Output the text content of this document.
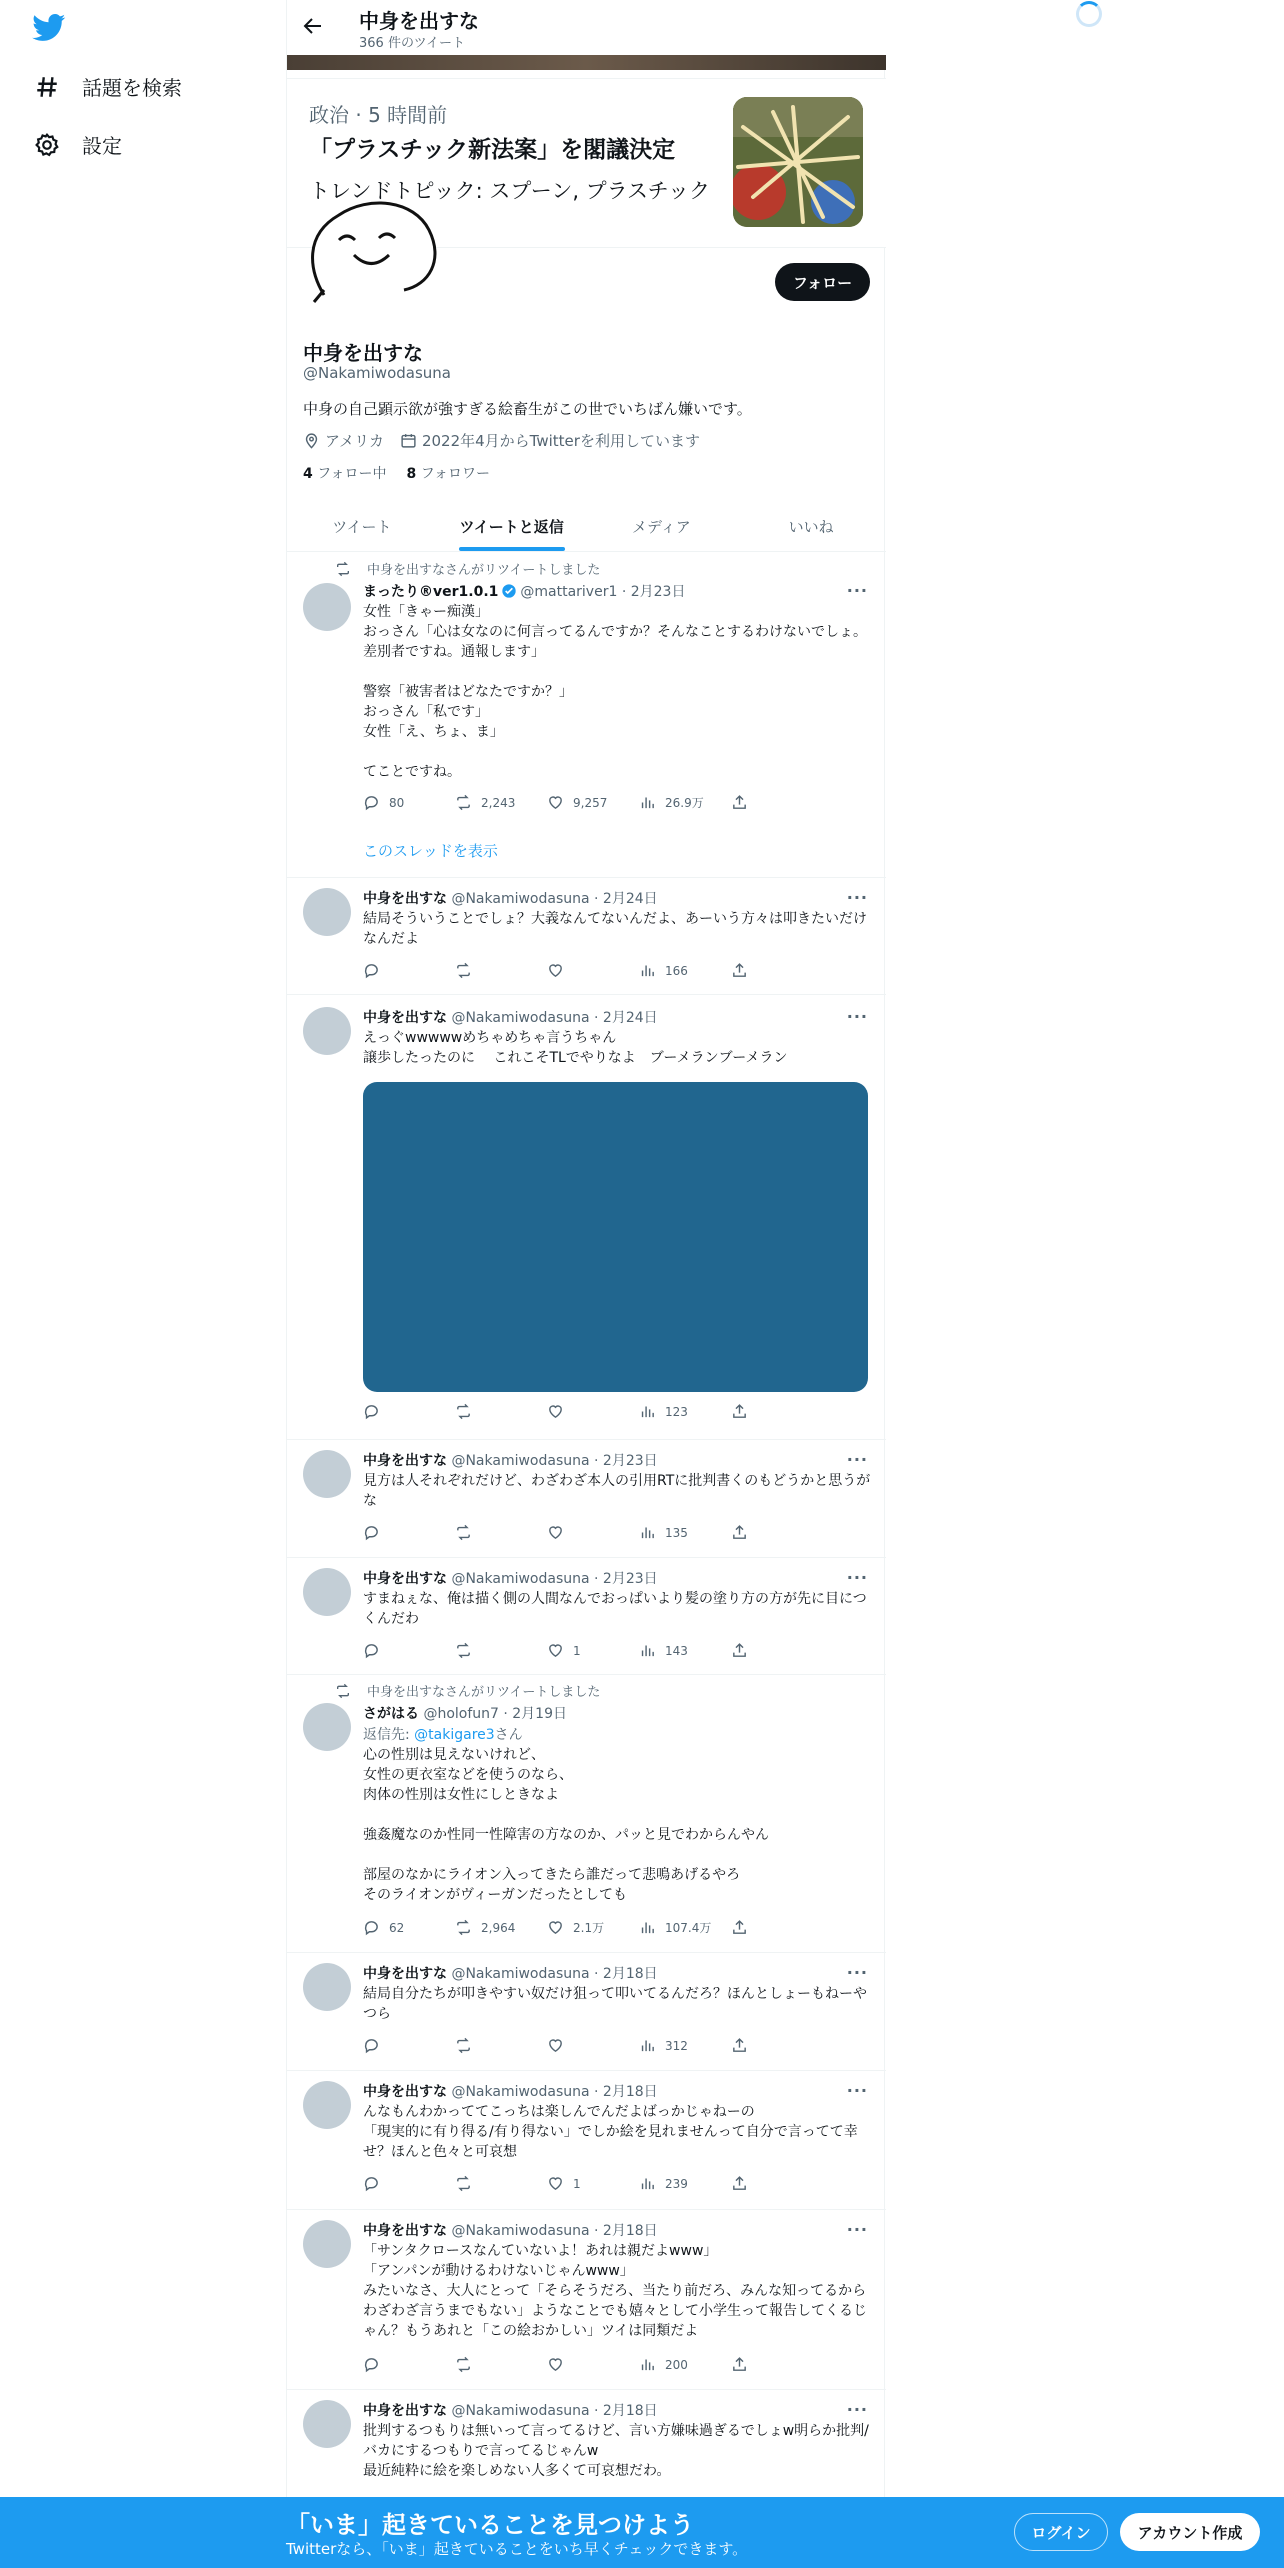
話題を検索
設定
中身を出すな
366 件のツイート
政治 · 5 時間前
「プラスチック新法案」を閣議決定
トレンドトピック: スプーン, プラスチック
フォロー
中身を出すな
@Nakamiwodasuna
中身の自己顕示欲が強すぎる絵畜生がこの世でいちばん嫌いです。
アメリカ	2022年4月からTwitterを利用しています
4 フォロー中 8 フォロワー
ツイート	ツイートと返信	メディア	いいね
中身を出すなさんがリツイートしました
まったり®ver1.0.1 @mattariver1 · 2月23日	···
女性「きゃー痴漢」
おっさん「心は女なのに何言ってるんですか？そんなことするわけないでしょ。差別者ですね。通報します」

警察「被害者はどなたですか？」
おっさん「私です」
女性「え、ちょ、ま」

てことですね。
80	2,243	9,257	26.9万
このスレッドを表示
中身を出すな @Nakamiwodasuna · 2月24日	···
結局そういうことでしょ？大義なんてないんだよ、あーいう方々は叩きたいだけなんだよ
166
中身を出すな @Nakamiwodasuna · 2月24日	···
えっぐwwwwwめちゃめちゃ言うちゃん
譲歩したったのに　 これこそTLでやりなよ　ブーメランブーメラン
123
中身を出すな @Nakamiwodasuna · 2月23日	···
見方は人それぞれだけど、わざわざ本人の引用RTに批判書くのもどうかと思うがな
135
中身を出すな @Nakamiwodasuna · 2月23日	···
すまねぇな、俺は描く側の人間なんでおっぱいより髪の塗り方の方が先に目につくんだわ
1	143
中身を出すなさんがリツイートしました
さがはる @holofun7 · 2月19日
返信先: @takigare3さん
心の性別は見えないけれど、
女性の更衣室などを使うのなら、
肉体の性別は女性にしときなよ

強姦魔なのか性同一性障害の方なのか、パッと見でわからんやん

部屋のなかにライオン入ってきたら誰だって悲鳴あげるやろ
そのライオンがヴィーガンだったとしても
62	2,964	2.1万	107.4万
中身を出すな @Nakamiwodasuna · 2月18日	···
結局自分たちが叩きやすい奴だけ狙って叩いてるんだろ？ほんとしょーもねーやつら
312
中身を出すな @Nakamiwodasuna · 2月18日	···
んなもんわかっててこっちは楽しんでんだよばっかじゃねーの
「現実的に有り得る/有り得ない」でしか絵を見れませんって自分で言ってて幸せ？ほんと色々と可哀想
1	239
中身を出すな @Nakamiwodasuna · 2月18日	···
「サンタクロースなんていないよ！あれは親だよwww」
「アンパンが動けるわけないじゃんwww」
みたいなさ、大人にとって「そらそうだろ、当たり前だろ、みんな知ってるからわざわざ言うまでもない」ようなことでも嬉々として小学生って報告してくるじゃん？もうあれと「この絵おかしい」ツイは同類だよ
200
中身を出すな @Nakamiwodasuna · 2月18日	···
批判するつもりは無いって言ってるけど、言い方嫌味過ぎるでしょw明らか批判/バカにするつもりで言ってるじゃんw
最近純粋に絵を楽しめない人多くて可哀想だわ。
「いま」起きていることを見つけよう
Twitterなら、「いま」起きていることをいち早くチェックできます。
ログイン	アカウント作成
